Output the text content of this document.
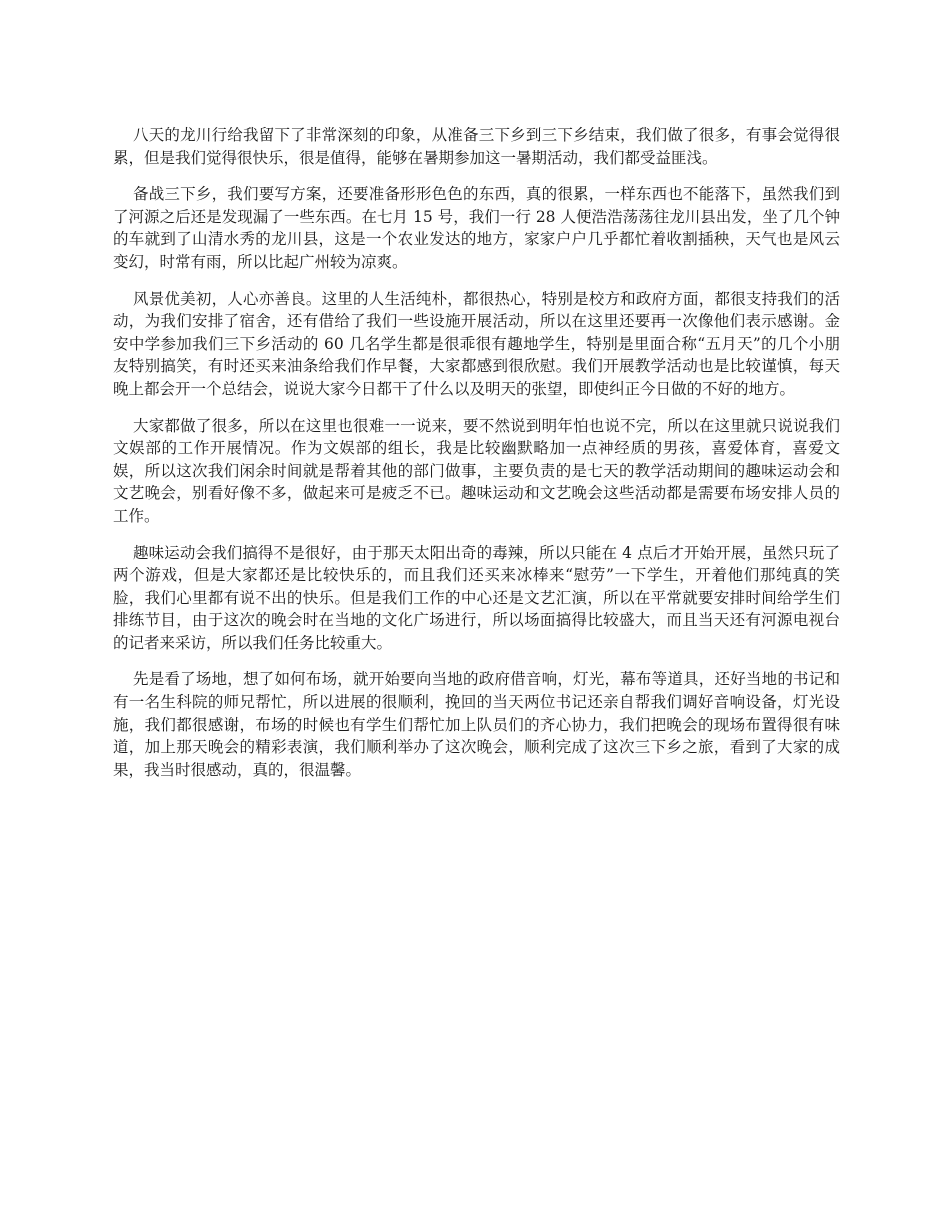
八天的龙川行给我留下了非常深刻的印象，从准备三下乡到三下乡结束，我们做了很多，有事会觉得很累，但是我们觉得很快乐，很是值得，能够在暑期参加这一暑期活动，我们都受益匪浅。

备战三下乡，我们要写方案，还要准备形形色色的东西，真的很累，一样东西也不能落下，虽然我们到了河源之后还是发现漏了一些东西。在七月 15 号，我们一行 28 人便浩浩荡荡往龙川县出发，坐了几个钟的车就到了山清水秀的龙川县，这是一个农业发达的地方，家家户户几乎都忙着收割插秧，天气也是风云变幻，时常有雨，所以比起广州较为凉爽。

风景优美初，人心亦善良。这里的人生活纯朴，都很热心，特别是校方和政府方面，都很支持我们的活动，为我们安排了宿舍，还有借给了我们一些设施开展活动，所以在这里还要再一次像他们表示感谢。金安中学参加我们三下乡活动的 60 几名学生都是很乖很有趣地学生，特别是里面合称“五月天”的几个小朋友特别搞笑，有时还买来油条给我们作早餐，大家都感到很欣慰。我们开展教学活动也是比较谨慎，每天晚上都会开一个总结会，说说大家今日都干了什么以及明天的张望，即使纠正今日做的不好的地方。

大家都做了很多，所以在这里也很难一一说来，要不然说到明年怕也说不完，所以在这里就只说说我们文娱部的工作开展情况。作为文娱部的组长，我是比较幽默略加一点神经质的男孩，喜爱体育，喜爱文娱，所以这次我们闲余时间就是帮着其他的部门做事，主要负责的是七天的教学活动期间的趣味运动会和文艺晚会，别看好像不多，做起来可是疲乏不已。趣味运动和文艺晚会这些活动都是需要布场安排人员的工作。

趣味运动会我们搞得不是很好，由于那天太阳出奇的毒辣，所以只能在 4 点后才开始开展，虽然只玩了两个游戏，但是大家都还是比较快乐的，而且我们还买来冰棒来“慰劳”一下学生，开着他们那纯真的笑脸，我们心里都有说不出的快乐。但是我们工作的中心还是文艺汇演，所以在平常就要安排时间给学生们排练节目，由于这次的晚会时在当地的文化广场进行，所以场面搞得比较盛大，而且当天还有河源电视台的记者来采访，所以我们任务比较重大。

先是看了场地，想了如何布场，就开始要向当地的政府借音响，灯光，幕布等道具，还好当地的书记和有一名生科院的师兄帮忙，所以进展的很顺利，挽回的当天两位书记还亲自帮我们调好音响设备，灯光设施，我们都很感谢，布场的时候也有学生们帮忙加上队员们的齐心协力，我们把晚会的现场布置得很有味道，加上那天晚会的精彩表演，我们顺利举办了这次晚会，顺利完成了这次三下乡之旅，看到了大家的成果，我当时很感动，真的，很温馨。
